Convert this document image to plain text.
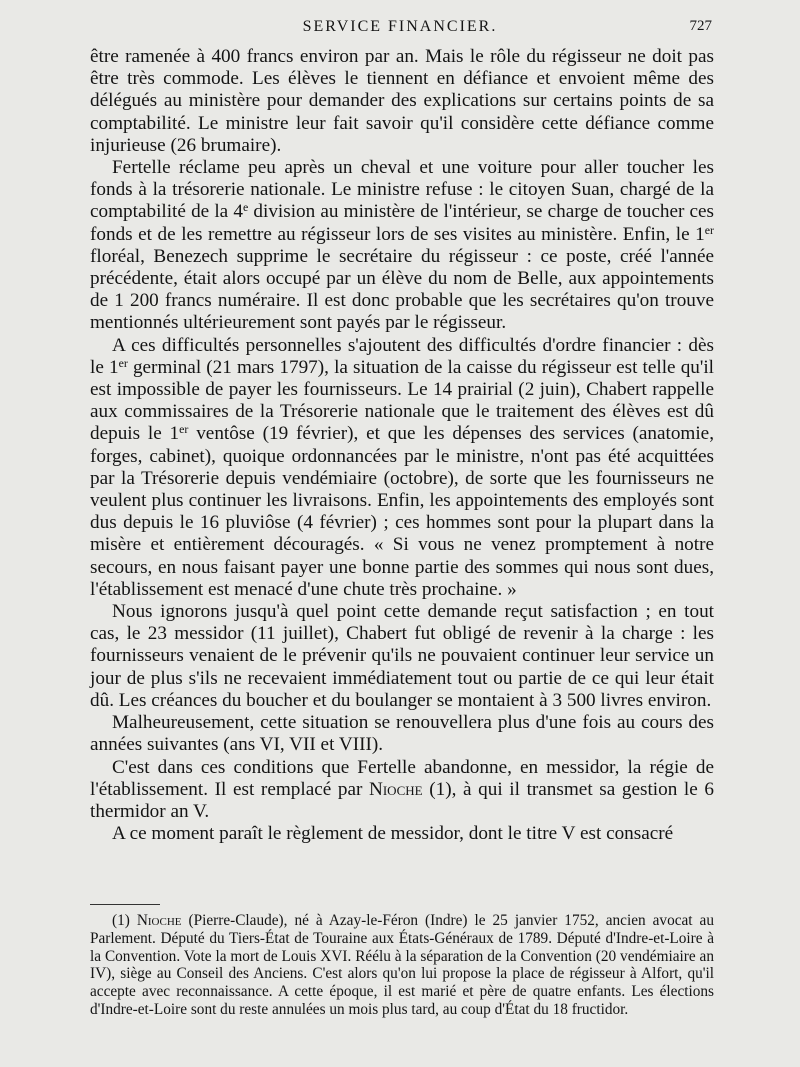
SERVICE FINANCIER.	727

être ramenée à 400 francs environ par an. Mais le rôle du régisseur ne doit pas être très commode. Les élèves le tiennent en défiance et envoient même des délégués au ministère pour demander des explications sur certains points de sa comptabilité. Le ministre leur fait savoir qu'il considère cette défiance comme injurieuse (26 brumaire).

Fertelle réclame peu après un cheval et une voiture pour aller toucher les fonds à la trésorerie nationale. Le ministre refuse : le citoyen Suan, chargé de la comptabilité de la 4e division au ministère de l'intérieur, se charge de toucher ces fonds et de les remettre au régisseur lors de ses visites au ministère. Enfin, le 1er floréal, Benezech supprime le secrétaire du régisseur : ce poste, créé l'année précédente, était alors occupé par un élève du nom de Belle, aux appointements de 1 200 francs numéraire. Il est donc probable que les secrétaires qu'on trouve mentionnés ultérieurement sont payés par le régisseur.

A ces difficultés personnelles s'ajoutent des difficultés d'ordre financier : dès le 1er germinal (21 mars 1797), la situation de la caisse du régisseur est telle qu'il est impossible de payer les fournisseurs. Le 14 prairial (2 juin), Chabert rappelle aux commissaires de la Trésorerie nationale que le traitement des élèves est dû depuis le 1er ventôse (19 février), et que les dépenses des services (anatomie, forges, cabinet), quoique ordonnancées par le ministre, n'ont pas été acquittées par la Trésorerie depuis vendémiaire (octobre), de sorte que les fournisseurs ne veulent plus continuer les livraisons. Enfin, les appointements des employés sont dus depuis le 16 pluviôse (4 février) ; ces hommes sont pour la plupart dans la misère et entièrement découragés. « Si vous ne venez promptement à notre secours, en nous faisant payer une bonne partie des sommes qui nous sont dues, l'établissement est menacé d'une chute très prochaine. »

Nous ignorons jusqu'à quel point cette demande reçut satisfaction ; en tout cas, le 23 messidor (11 juillet), Chabert fut obligé de revenir à la charge : les fournisseurs venaient de le prévenir qu'ils ne pouvaient continuer leur service un jour de plus s'ils ne recevaient immédiatement tout ou partie de ce qui leur était dû. Les créances du boucher et du boulanger se montaient à 3 500 livres environ.

Malheureusement, cette situation se renouvellera plus d'une fois au cours des années suivantes (ans VI, VII et VIII).

C'est dans ces conditions que Fertelle abandonne, en messidor, la régie de l'établissement. Il est remplacé par Nioche (1), à qui il transmet sa gestion le 6 thermidor an V.

A ce moment paraît le règlement de messidor, dont le titre V est consacré

(1) Nioche (Pierre-Claude), né à Azay-le-Féron (Indre) le 25 janvier 1752, ancien avocat au Parlement. Député du Tiers-État de Touraine aux États-Généraux de 1789. Député d'Indre-et-Loire à la Convention. Vote la mort de Louis XVI. Réélu à la séparation de la Convention (20 vendémiaire an IV), siège au Conseil des Anciens. C'est alors qu'on lui propose la place de régisseur à Alfort, qu'il accepte avec reconnaissance. A cette époque, il est marié et père de quatre enfants. Les élections d'Indre-et-Loire sont du reste annulées un mois plus tard, au coup d'État du 18 fructidor.
